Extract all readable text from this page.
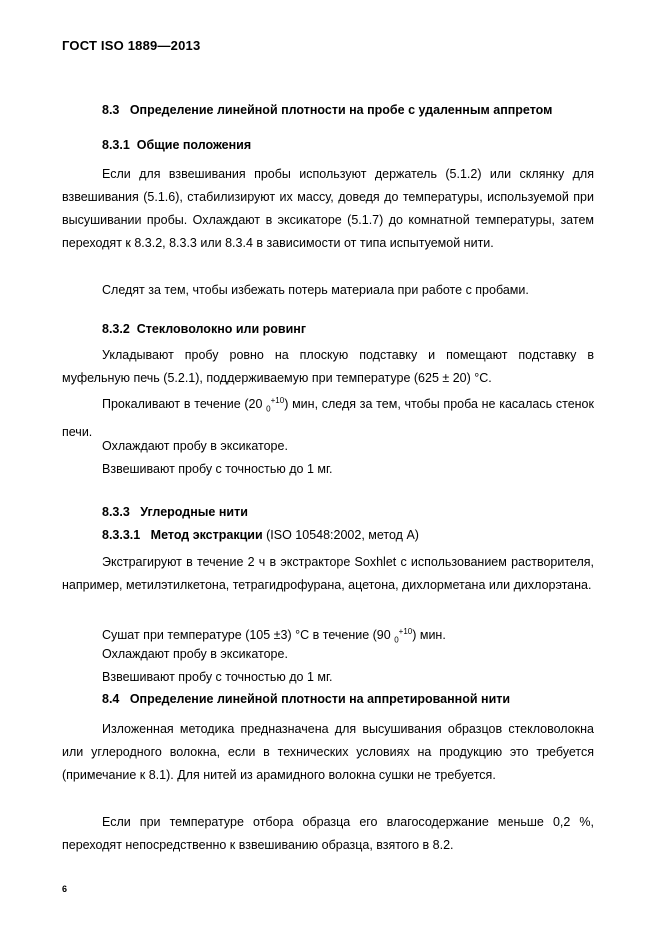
ГОСТ ISO 1889—2013
8.3 Определение линейной плотности на пробе с удаленным аппретом
8.3.1 Общие положения
Если для взвешивания пробы используют держатель (5.1.2) или склянку для взвешивания (5.1.6), стабилизируют их массу, доведя до температуры, используемой при высушивании пробы. Охлаждают в эксикаторе (5.1.7) до комнатной температуры, затем переходят к 8.3.2, 8.3.3 или 8.3.4 в зависимости от типа испытуемой нити.
Следят за тем, чтобы избежать потерь материала при работе с пробами.
8.3.2 Стекловолокно или ровинг
Укладывают пробу ровно на плоскую подставку и помещают подставку в муфельную печь (5.2.1), поддерживаемую при температуре (625 ± 20) °С.
Прокаливают в течение (20 $_0^{+10}$) мин, следя за тем, чтобы проба не касалась стенок печи.
Охлаждают пробу в эксикаторе.
Взвешивают пробу с точностью до 1 мг.
8.3.3 Углеродные нити
8.3.3.1 Метод экстракции (ISO 10548:2002, метод А)
Экстрагируют в течение 2 ч в экстракторе Soxhlet с использованием растворителя, например, метилэтилкетона, тетрагидрофурана, ацетона, дихлорметана или дихлорэтана.
Сушат при температуре (105 ±3) °С в течение (90 $_0^{+10}$) мин.
Охлаждают пробу в эксикаторе.
Взвешивают пробу с точностью до 1 мг.
8.4 Определение линейной плотности на аппретированной нити
Изложенная методика предназначена для высушивания образцов стекловолокна или углеродного волокна, если в технических условиях на продукцию это требуется (примечание к 8.1). Для нитей из арамидного волокна сушки не требуется.
Если при температуре отбора образца его влагосодержание меньше 0,2 %, переходят непосредственно к взвешиванию образца, взятого в 8.2.
6
